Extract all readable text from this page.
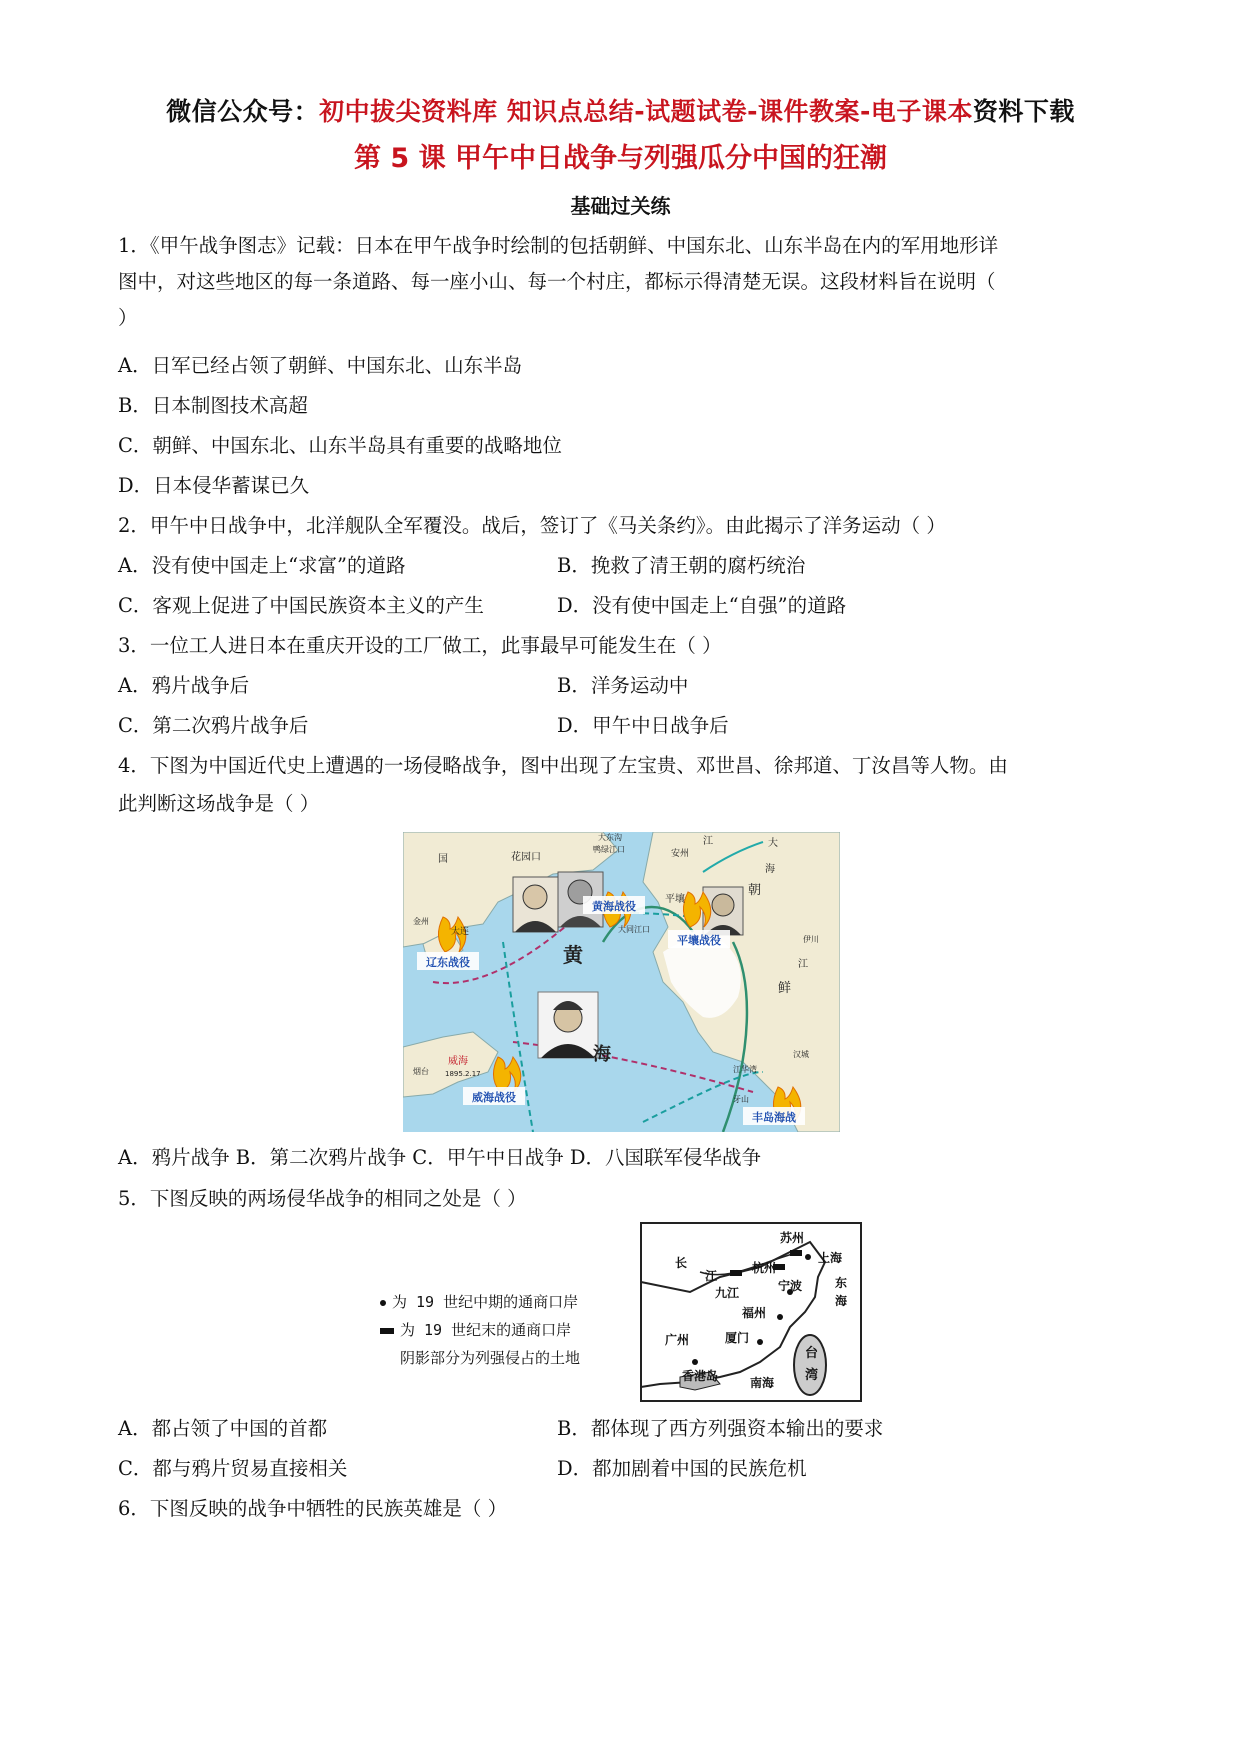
微信公众号：初中拔尖资料库 知识点总结-试题试卷-课件教案-电子课本资料下载
第 5 课 甲午中日战争与列强瓜分中国的狂潮
基础过关练
1．《甲午战争图志》记载：日本在甲午战争时绘制的包括朝鲜、中国东北、山东半岛在内的军用地形详
图中，对这些地区的每一条道路、每一座小山、每一个村庄，都标示得清楚无误。这段材料旨在说明（
）
A．日军已经占领了朝鲜、中国东北、山东半岛
B．日本制图技术高超
C．朝鲜、中国东北、山东半岛具有重要的战略地位
D．日本侵华蓄谋已久
2．甲午中日战争中，北洋舰队全军覆没。战后，签订了《马关条约》。由此揭示了洋务运动（ ）
A．没有使中国走上“求富”的道路	B．挽救了清王朝的腐朽统治
C．客观上促进了中国民族资本主义的产生	D．没有使中国走上“自强”的道路
3．一位工人进日本在重庆开设的工厂做工，此事最早可能发生在（ ）
A．鸦片战争后	B．洋务运动中
C．第二次鸦片战争后	D．甲午中日战争后
4．下图为中国近代史上遭遇的一场侵略战争，图中出现了左宝贵、邓世昌、徐邦道、丁汝昌等人物。由
此判断这场战争是（ ）
黄海战役
平壤战役
辽东战役
威海战役
丰岛海战
黄
海
朝
鲜
花园口	安州
平壤
大同江口
鸭绿江口
大东沟
大连
金州
威海
烟台 1895.2.17
汉城
江华湾
牙山
伊川
江
江
大
国
海
A．鸦片战争 B．第二次鸦片战争 C．甲午中日战争 D．八国联军侵华战争
5．下图反映的两场侵华战争的相同之处是（ ）
为 19 世纪中期的通商口岸
为 19 世纪末的通商口岸
阴影部分为列强侵占的土地
苏州
上海
长
江
杭州
九江	宁波	东
海
福州
广州	厦门
台
湾
香港岛	南海
A．都占领了中国的首都	B．都体现了西方列强资本输出的要求
C．都与鸦片贸易直接相关	D．都加剧着中国的民族危机
6．下图反映的战争中牺牲的民族英雄是（ ）
